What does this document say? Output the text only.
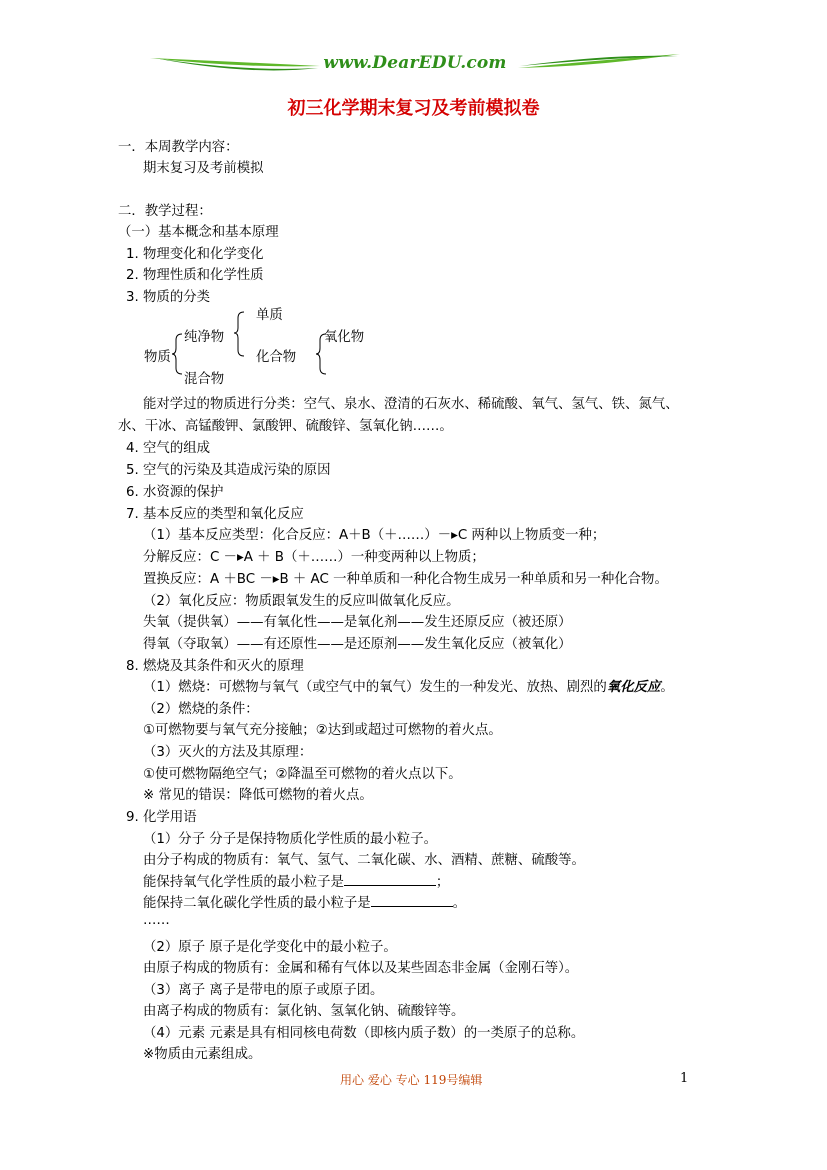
www.DearEDU.com
初三化学期末复习及考前模拟卷
一．本周教学内容：
期末复习及考前模拟
二．教学过程：
（一）基本概念和基本原理
1. 物理变化和化学变化
2. 物理性质和化学性质
3. 物质的分类
物质
纯净物
混合物
单质
化合物
氧化物
能对学过的物质进行分类：空气、泉水、澄清的石灰水、稀硫酸、氧气、氢气、铁、氮气、
水、干冰、高锰酸钾、氯酸钾、硫酸锌、氢氧化钠……。
4. 空气的组成
5. 空气的污染及其造成污染的原因
6. 水资源的保护
7. 基本反应的类型和氧化反应
（1）基本反应类型：化合反应：A＋B（＋……）－▸C 两种以上物质变一种；
分解反应：C －▸A ＋ B（＋……）一种变两种以上物质；
置换反应：A ＋BC －▸B ＋ AC 一种单质和一种化合物生成另一种单质和另一种化合物。
（2）氧化反应：物质跟氧发生的反应叫做氧化反应。
失氧（提供氧）——有氧化性——是氧化剂——发生还原反应（被还原）
得氧（夺取氧）——有还原性——是还原剂——发生氧化反应（被氧化）
8. 燃烧及其条件和灭火的原理
（1）燃烧：可燃物与氧气（或空气中的氧气）发生的一种发光、放热、剧烈的氧化反应。
（2）燃烧的条件：
①可燃物要与氧气充分接触；②达到或超过可燃物的着火点。
（3）灭火的方法及其原理：
①使可燃物隔绝空气；②降温至可燃物的着火点以下。
※ 常见的错误：降低可燃物的着火点。
9. 化学用语
（1）分子 分子是保持物质化学性质的最小粒子。
由分子构成的物质有：氧气、氢气、二氧化碳、水、酒精、蔗糖、硫酸等。
能保持氧气化学性质的最小粒子是	；
能保持二氧化碳化学性质的最小粒子是	。
……
（2）原子 原子是化学变化中的最小粒子。
由原子构成的物质有：金属和稀有气体以及某些固态非金属（金刚石等）。
（3）离子 离子是带电的原子或原子团。
由离子构成的物质有：氯化钠、氢氧化钠、硫酸锌等。
（4）元素 元素是具有相同核电荷数（即核内质子数）的一类原子的总称。
※物质由元素组成。
用心 爱心 专心 119号编辑	1
